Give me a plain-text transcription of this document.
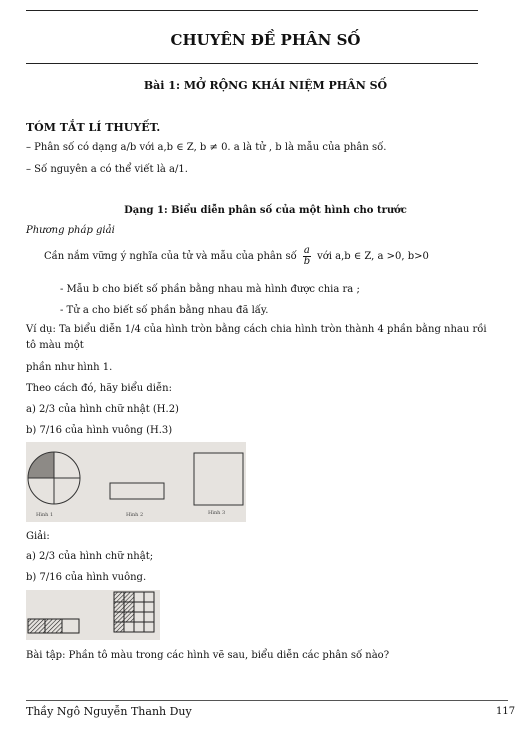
CHUYÊN ĐỀ PHÂN SỐ
Bài 1: MỞ RỘNG KHÁI NIỆM PHÂN SỐ
TÓM TẮT LÍ THUYẾT.
– Phân số có dạng a/b với a,b ∈ Z, b ≠ 0. a là tử , b là mẫu của phân số.
– Số nguyên a có thể viết là a/1.
Dạng 1: Biểu diễn phân số của một hình cho trước
Phương pháp giải
Cần nắm vững ý nghĩa của tử và mẫu của phân số $\frac{a}{b}$ với a,b ∈ Z, a >0, b>0
- Mẫu b cho biết số phần bằng nhau mà hình được chia ra ;
- Tử a cho biết số phần bằng nhau đã lấy.
Ví dụ: Ta biểu diễn 1/4 của hình tròn bằng cách chia hình tròn thành 4 phần bằng nhau rồi
tô màu một
phần như hình 1.
Theo cách đó, hãy biểu diễn:
a) 2/3 của hình chữ nhật (H.2)
b) 7/16 của hình vuông (H.3)
Hình 1	Hình 2	Hình 3
Giải:
a) 2/3 của hình chữ nhật;
b) 7/16 của hình vuông.
Bài tập: Phần tô màu trong các hình vẽ sau, biểu diễn các phân số nào?
Thầy Ngô Nguyễn Thanh Duy	117
